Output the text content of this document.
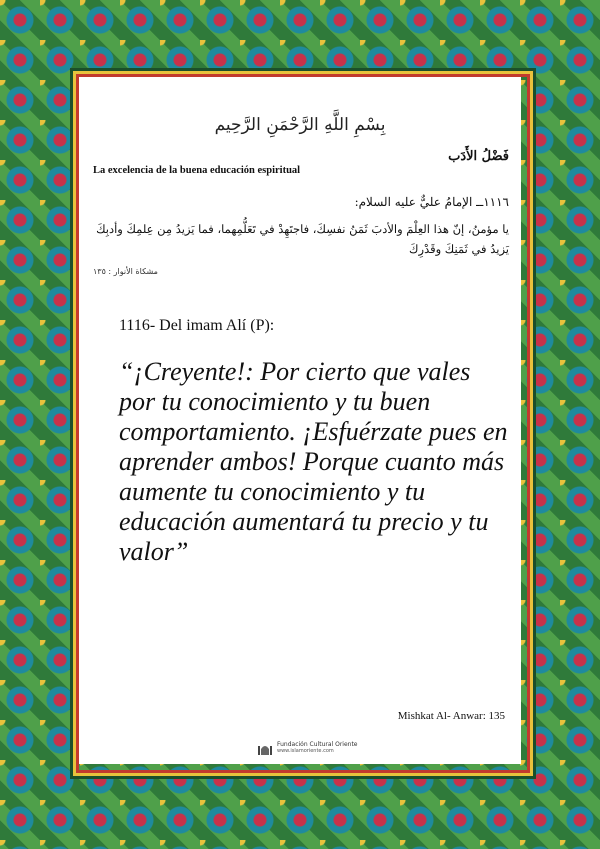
بِسْمِ اللَّهِ الرَّحْمَنِ الرَّحِيم
فَضْلُ الأَدَب
La excelencia de la buena educación espiritual
١١١٦ــ الإمامُ عليٌّ عليه السلام:
يا مؤمنُ، إنّ هذا العِلْمَ والأدبَ ثَمَنُ نفسِكَ، فاجتَهِدْ في تَعَلُّمِهما، فما يَزيدُ مِن عِلمِكَ وأدبِكَ يَزيدُ في ثَمَنِكَ وقَدْرِكَ
مشكاة الأنوار : ١٣٥
1116- Del imam Alí (P):

“¡Creyente!: Por cierto que vales por tu conocimiento y tu buen comportamiento. ¡Esfuérzate pues en aprender ambos! Porque cuanto más aumente tu conocimiento y tu educación aumentará tu precio y tu valor”

Mishkat Al- Anwar: 135
Fundación Cultural Oriente
www.islamoriente.com
